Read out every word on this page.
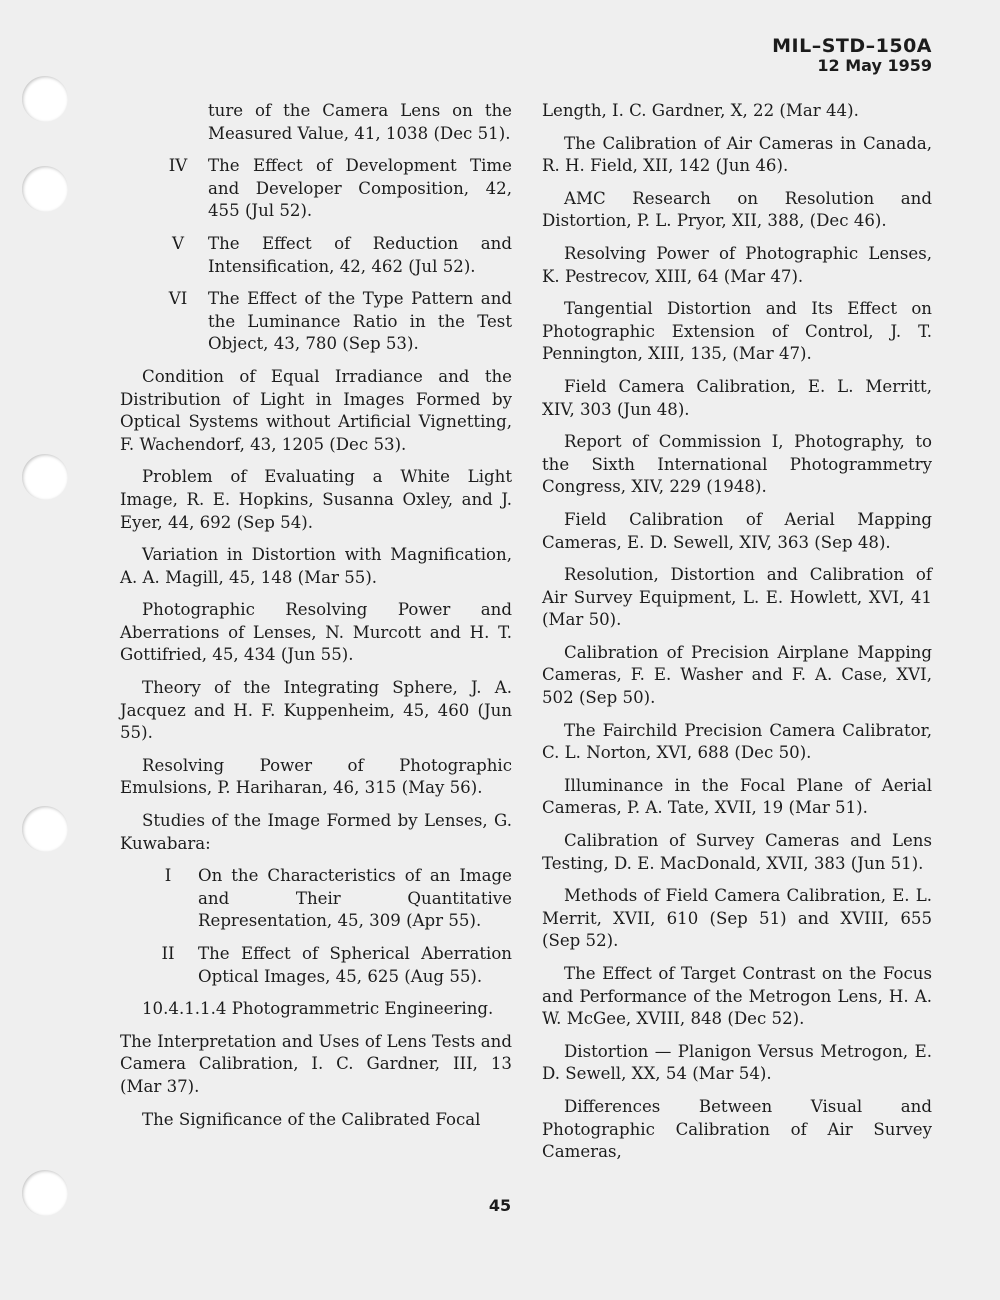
MIL–STD–150A
12 May 1959
ture of the Camera Lens on the Measured Value, 41, 1038 (Dec 51).
IV	The Effect of Development Time and Developer Composition, 42, 455 (Jul 52).
V	The Effect of Reduction and Intensification, 42, 462 (Jul 52).
VI	The Effect of the Type Pattern and the Luminance Ratio in the Test Object, 43, 780 (Sep 53).

Condition of Equal Irradiance and the Distribution of Light in Images Formed by Optical Systems without Artificial Vignetting, F. Wachendorf, 43, 1205 (Dec 53).

Problem of Evaluating a White Light Image, R. E. Hopkins, Susanna Oxley, and J. Eyer, 44, 692 (Sep 54).

Variation in Distortion with Magnification, A. A. Magill, 45, 148 (Mar 55).

Photographic Resolving Power and Aberrations of Lenses, N. Murcott and H. T. Gottifried, 45, 434 (Jun 55).

Theory of the Integrating Sphere, J. A. Jacquez and H. F. Kuppenheim, 45, 460 (Jun 55).

Resolving Power of Photographic Emulsions, P. Hariharan, 46, 315 (May 56).

Studies of the Image Formed by Lenses, G. Kuwabara:

I	On the Characteristics of an Image and Their Quantitative Representation, 45, 309 (Apr 55).
II	The Effect of Spherical Aberration Optical Images, 45, 625 (Aug 55).

10.4.1.1.4 Photogrammetric Engineering.

The Interpretation and Uses of Lens Tests and Camera Calibration, I. C. Gardner, III, 13 (Mar 37).

The Significance of the Calibrated Focal

Length, I. C. Gardner, X, 22 (Mar 44).

The Calibration of Air Cameras in Canada, R. H. Field, XII, 142 (Jun 46).

AMC Research on Resolution and Distortion, P. L. Pryor, XII, 388, (Dec 46).

Resolving Power of Photographic Lenses, K. Pestrecov, XIII, 64 (Mar 47).

Tangential Distortion and Its Effect on Photographic Extension of Control, J. T. Pennington, XIII, 135, (Mar 47).

Field Camera Calibration, E. L. Merritt, XIV, 303 (Jun 48).

Report of Commission I, Photography, to the Sixth International Photogrammetry Congress, XIV, 229 (1948).

Field Calibration of Aerial Mapping Cameras, E. D. Sewell, XIV, 363 (Sep 48).

Resolution, Distortion and Calibration of Air Survey Equipment, L. E. Howlett, XVI, 41 (Mar 50).

Calibration of Precision Airplane Mapping Cameras, F. E. Washer and F. A. Case, XVI, 502 (Sep 50).

The Fairchild Precision Camera Calibrator, C. L. Norton, XVI, 688 (Dec 50).

Illuminance in the Focal Plane of Aerial Cameras, P. A. Tate, XVII, 19 (Mar 51).

Calibration of Survey Cameras and Lens Testing, D. E. MacDonald, XVII, 383 (Jun 51).

Methods of Field Camera Calibration, E. L. Merrit, XVII, 610 (Sep 51) and XVIII, 655 (Sep 52).

The Effect of Target Contrast on the Focus and Performance of the Metrogon Lens, H. A. W. McGee, XVIII, 848 (Dec 52).

Distortion — Planigon Versus Metrogon, E. D. Sewell, XX, 54 (Mar 54).

Differences Between Visual and Photographic Calibration of Air Survey Cameras,

45
